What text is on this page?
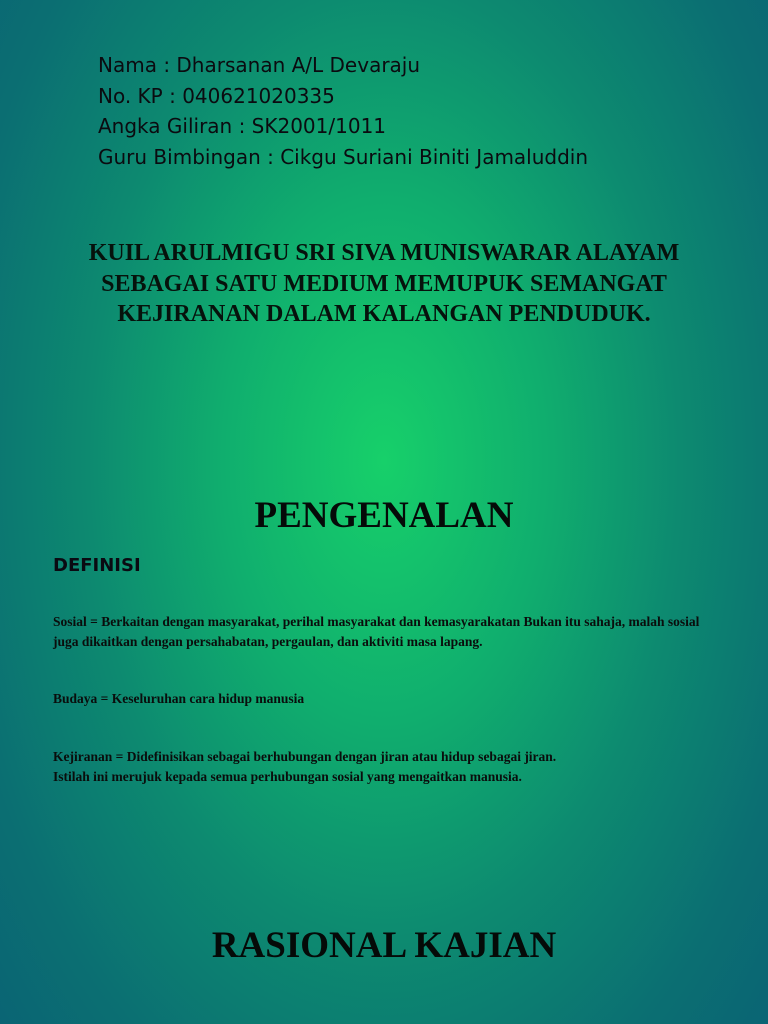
Nama : Dharsanan A/L Devaraju
No. KP : 040621020335
Angka Giliran : SK2001/1011
Guru Bimbingan : Cikgu Suriani Biniti Jamaluddin
KUIL ARULMIGU SRI SIVA MUNISWARAR ALAYAM
SEBAGAI SATU MEDIUM MEMUPUK SEMANGAT
KEJIRANAN DALAM KALANGAN PENDUDUK.
PENGENALAN
DEFINISI
Sosial = Berkaitan dengan masyarakat, perihal masyarakat dan kemasyarakatan Bukan itu sahaja, malah sosial juga dikaitkan dengan persahabatan, pergaulan, dan aktiviti masa lapang.
Budaya = Keseluruhan cara hidup manusia
Kejiranan = Didefinisikan sebagai berhubungan dengan jiran atau hidup sebagai jiran.
Istilah ini merujuk kepada semua perhubungan sosial yang mengaitkan manusia.
RASIONAL KAJIAN
